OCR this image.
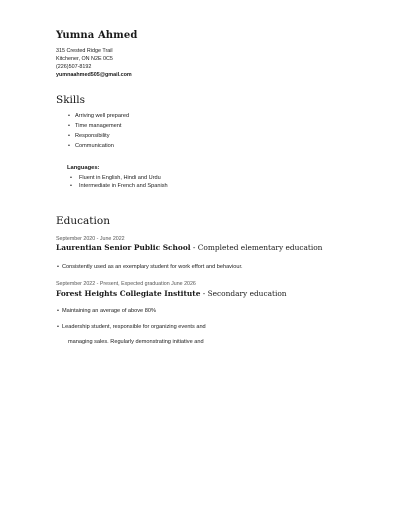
Yumna Ahmed
315 Crested Ridge Trail
Kitchener, ON N2E 0C5
(226)507-8192
yumnaahmed505@gmail.com
Skills
• Arriving well prepared
• Time management
• Responsibility
• Communication
Languages:
• Fluent in English, Hindi and Urdu
• Intermediate in French and Spanish
Education
September 2020 - June 2022
Laurentian Senior Public School - Completed elementary education
• Consistently used as an exemplary student for work effort and behaviour.
September 2022 - Present, Expected graduation June 2026
Forest Heights Collegiate Institute - Secondary education
• Maintaining an average of above 80%
• Leadership student, responsible for organizing events and
managing sales. Regularly demonstrating initiative and
